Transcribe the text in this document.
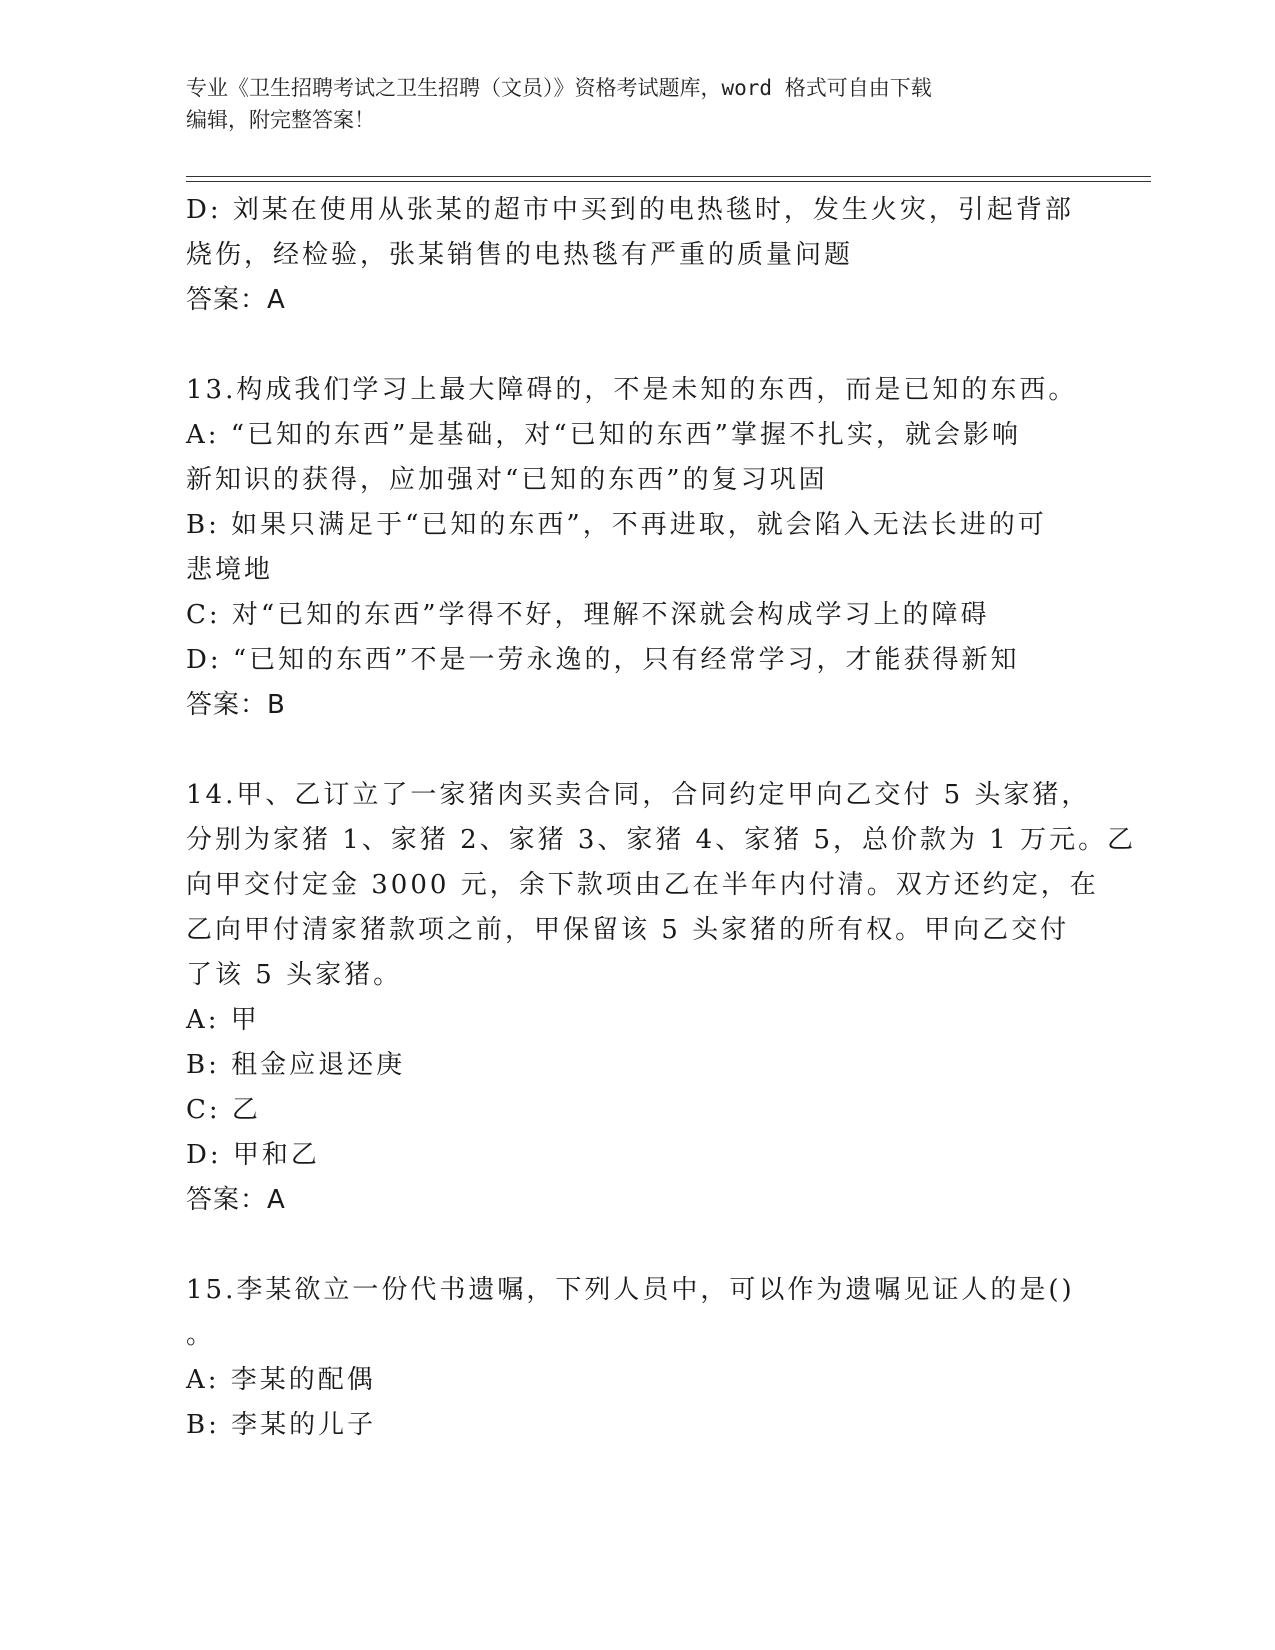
专业《卫生招聘考试之卫生招聘（文员）》资格考试题库，word 格式可自由下载
编辑，附完整答案！
D: 刘某在使用从张某的超市中买到的电热毯时，发生火灾，引起背部
烧伤，经检验，张某销售的电热毯有严重的质量问题
答案：A
13.构成我们学习上最大障碍的，不是未知的东西，而是已知的东西。
A: “已知的东西”是基础，对“已知的东西”掌握不扎实，就会影响
新知识的获得，应加强对“已知的东西”的复习巩固
B: 如果只满足于“已知的东西”，不再进取，就会陷入无法长进的可
悲境地
C: 对“已知的东西”学得不好，理解不深就会构成学习上的障碍
D: “已知的东西”不是一劳永逸的，只有经常学习，才能获得新知
答案：B
14.甲、乙订立了一家猪肉买卖合同，合同约定甲向乙交付 5 头家猪，
分别为家猪 1、家猪 2、家猪 3、家猪 4、家猪 5，总价款为 1 万元。乙
向甲交付定金 3000 元，余下款项由乙在半年内付清。双方还约定，在
乙向甲付清家猪款项之前，甲保留该 5 头家猪的所有权。甲向乙交付
了该 5 头家猪。
A: 甲
B: 租金应退还庚
C: 乙
D: 甲和乙
答案：A
15.李某欲立一份代书遗嘱，下列人员中，可以作为遗嘱见证人的是()
。
A: 李某的配偶
B: 李某的儿子
